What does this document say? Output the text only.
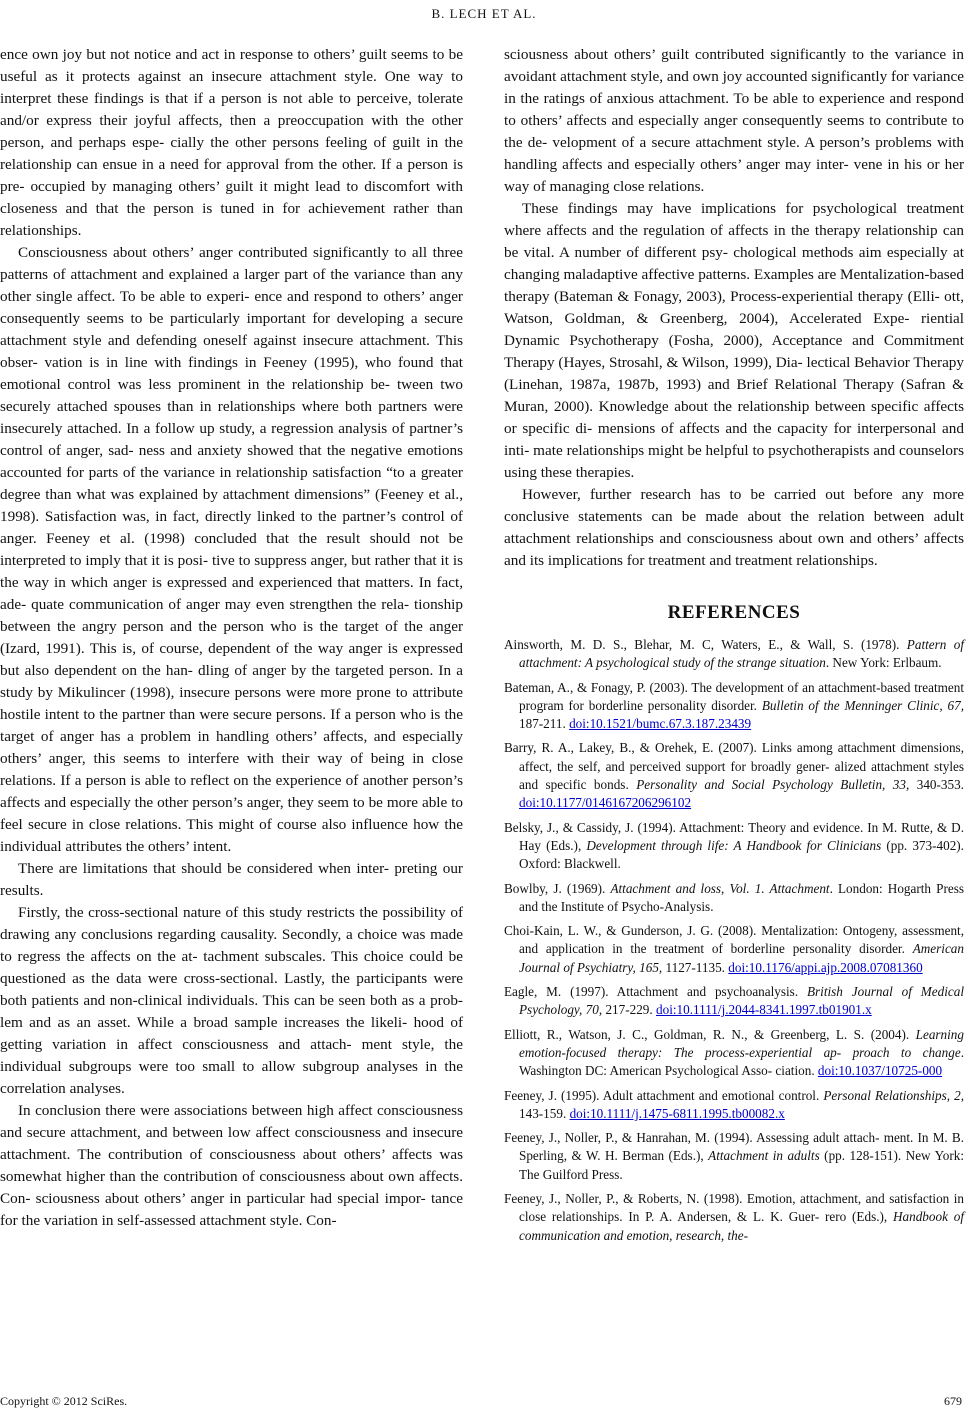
B. LECH ET AL.

ence own joy but not notice and act in response to others’ guilt seems to be useful as it protects against an insecure attachment style. One way to interpret these findings is that if a person is not able to perceive, tolerate and/or express their joyful affects, then a preoccupation with the other person, and perhaps espe- cially the other persons feeling of guilt in the relationship can ensue in a need for approval from the other. If a person is pre- occupied by managing others’ guilt it might lead to discomfort with closeness and that the person is tuned in for achievement rather than relationships.

Consciousness about others’ anger contributed significantly to all three patterns of attachment and explained a larger part of the variance than any other single affect. To be able to experi- ence and respond to others’ anger consequently seems to be particularly important for developing a secure attachment style and defending oneself against insecure attachment. This obser- vation is in line with findings in Feeney (1995), who found that emotional control was less prominent in the relationship be- tween two securely attached spouses than in relationships where both partners were insecurely attached. In a follow up study, a regression analysis of partner’s control of anger, sad- ness and anxiety showed that the negative emotions accounted for parts of the variance in relationship satisfaction “to a greater degree than what was explained by attachment dimensions” (Feeney et al., 1998). Satisfaction was, in fact, directly linked to the partner’s control of anger. Feeney et al. (1998) concluded that the result should not be interpreted to imply that it is posi- tive to suppress anger, but rather that it is the way in which anger is expressed and experienced that matters. In fact, ade- quate communication of anger may even strengthen the rela- tionship between the angry person and the person who is the target of the anger (Izard, 1991). This is, of course, dependent of the way anger is expressed but also dependent on the han- dling of anger by the targeted person. In a study by Mikulincer (1998), insecure persons were more prone to attribute hostile intent to the partner than were secure persons. If a person who is the target of anger has a problem in handling others’ affects, and especially others’ anger, this seems to interfere with their way of being in close relations. If a person is able to reflect on the experience of another person’s affects and especially the other person’s anger, they seem to be more able to feel secure in close relations. This might of course also influence how the individual attributes the others’ intent.

There are limitations that should be considered when inter- preting our results.

Firstly, the cross-sectional nature of this study restricts the possibility of drawing any conclusions regarding causality. Secondly, a choice was made to regress the affects on the at- tachment subscales. This choice could be questioned as the data were cross-sectional. Lastly, the participants were both patients and non-clinical individuals. This can be seen both as a prob- lem and as an asset. While a broad sample increases the likeli- hood of getting variation in affect consciousness and attach- ment style, the individual subgroups were too small to allow subgroup analyses in the correlation analyses.

In conclusion there were associations between high affect consciousness and secure attachment, and between low affect consciousness and insecure attachment. The contribution of consciousness about others’ affects was somewhat higher than the contribution of consciousness about own affects. Con- sciousness about others’ anger in particular had special impor- tance for the variation in self-assessed attachment style. Con-

sciousness about others’ guilt contributed significantly to the variance in avoidant attachment style, and own joy accounted significantly for variance in the ratings of anxious attachment. To be able to experience and respond to others’ affects and especially anger consequently seems to contribute to the de- velopment of a secure attachment style. A person’s problems with handling affects and especially others’ anger may inter- vene in his or her way of managing close relations.

These findings may have implications for psychological treatment where affects and the regulation of affects in the therapy relationship can be vital. A number of different psy- chological methods aim especially at changing maladaptive affective patterns. Examples are Mentalization-based therapy (Bateman & Fonagy, 2003), Process-experiential therapy (Elli- ott, Watson, Goldman, & Greenberg, 2004), Accelerated Expe- riential Dynamic Psychotherapy (Fosha, 2000), Acceptance and Commitment Therapy (Hayes, Strosahl, & Wilson, 1999), Dia- lectical Behavior Therapy (Linehan, 1987a, 1987b, 1993) and Brief Relational Therapy (Safran & Muran, 2000). Knowledge about the relationship between specific affects or specific di- mensions of affects and the capacity for interpersonal and inti- mate relationships might be helpful to psychotherapists and counselors using these therapies.

However, further research has to be carried out before any more conclusive statements can be made about the relation between adult attachment relationships and consciousness about own and others’ affects and its implications for treatment and treatment relationships.

REFERENCES
Ainsworth, M. D. S., Blehar, M. C, Waters, E., & Wall, S. (1978). Pattern of attachment: A psychological study of the strange situation. New York: Erlbaum.
Bateman, A., & Fonagy, P. (2003). The development of an attachment-based treatment program for borderline personality disorder. Bulletin of the Menninger Clinic, 67, 187-211. doi:10.1521/bumc.67.3.187.23439
Barry, R. A., Lakey, B., & Orehek, E. (2007). Links among attachment dimensions, affect, the self, and perceived support for broadly gener- alized attachment styles and specific bonds. Personality and Social Psychology Bulletin, 33, 340-353. doi:10.1177/0146167206296102
Belsky, J., & Cassidy, J. (1994). Attachment: Theory and evidence. In M. Rutte, & D. Hay (Eds.), Development through life: A Handbook for Clinicians (pp. 373-402). Oxford: Blackwell.
Bowlby, J. (1969). Attachment and loss, Vol. 1. Attachment. London: Hogarth Press and the Institute of Psycho-Analysis.
Choi-Kain, L. W., & Gunderson, J. G. (2008). Mentalization: Ontogeny, assessment, and application in the treatment of borderline personality disorder. American Journal of Psychiatry, 165, 1127-1135. doi:10.1176/appi.ajp.2008.07081360
Eagle, M. (1997). Attachment and psychoanalysis. British Journal of Medical Psychology, 70, 217-229. doi:10.1111/j.2044-8341.1997.tb01901.x
Elliott, R., Watson, J. C., Goldman, R. N., & Greenberg, L. S. (2004). Learning emotion-focused therapy: The process-experiential ap- proach to change. Washington DC: American Psychological Asso- ciation. doi:10.1037/10725-000
Feeney, J. (1995). Adult attachment and emotional control. Personal Relationships, 2, 143-159. doi:10.1111/j.1475-6811.1995.tb00082.x
Feeney, J., Noller, P., & Hanrahan, M. (1994). Assessing adult attach- ment. In M. B. Sperling, & W. H. Berman (Eds.), Attachment in adults (pp. 128-151). New York: The Guilford Press.
Feeney, J., Noller, P., & Roberts, N. (1998). Emotion, attachment, and satisfaction in close relationships. In P. A. Andersen, & L. K. Guer- rero (Eds.), Handbook of communication and emotion, research, the-
Copyright © 2012 SciRes.	679
